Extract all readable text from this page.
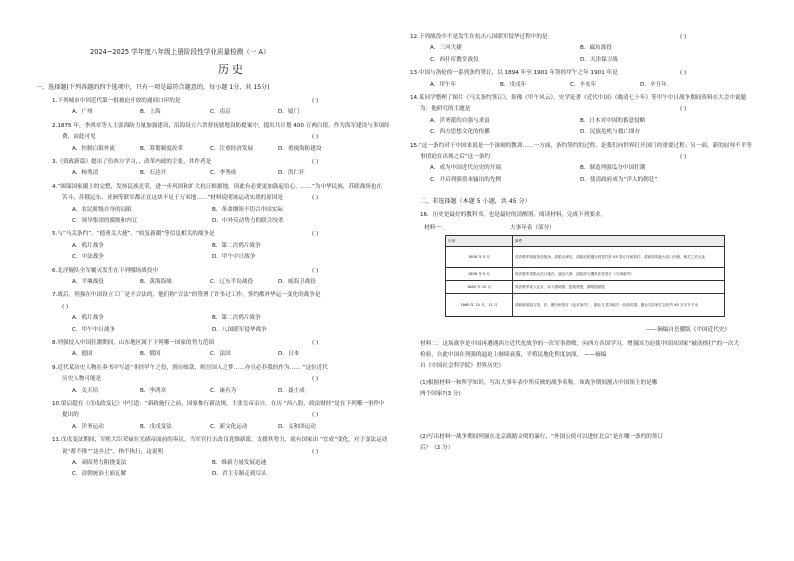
2024~2025 学年度八年级上册阶段性学业质量检测（一 A）
历史
一、选择题(下列各题的四个选项中，只有一项是最符合题意的，每小题 1分，共 15分)
1.下列城市中因近代第一批被迫开放的通商口岸的是	( )
A．广州	B．上海	C．南京	D．厦门
2.1875 年，李鸿章等人主张海防力量加强建设，沿海设立六省督抚辖地设防提案中，提出共计划 400 万两白银，作为海军建设与多项经
费，由此可见	( )
A．控制白银外流	B．筹划制度改革	C．注重经济发展	D．重视海防建设
3.《资政新篇》提出了仿西方学习，，改革内政的主张，其作者是	( )
A．杨秀清	B．石达开	C．李秀成	D．洪仁玕
4.“图保国家疆土的完整，发扬民族光荣，进一步巩固和扩大抗日根据地，因此有必要更加鼓起信心，……”为中华民族，苏联战场也在
苦斗，苏俄远东、亚洲等联军都正在这块不足于万米地……”材料说明该运动实质的原因是	( )
A．农民阶级自身的局限	B．革命纲领不切合中国实际
C．领导集团的腐败和内讧	D．中外反动势力的联合绞杀
5.与“马关条约”、“德勇关大捷”、“收复新疆”等信息相关的战争是	( )
A．鸦片战争	B．第二次鸦片战争
C．中法战争	D．甲午中日战争
6.北洋舰队全军覆灭发生在下列哪场战役中	( )
A．平壤战役	B．黄海海战	C．辽东半岛战役	D．威海卫战役
7.战后，列强在中国设立工厂是不合法的，他们称“合法”的签署了许多过工作，签约都外华运一变化的战争是
( )
A．鸦片战争	B．第二次鸦片战争
C．甲午中日战争	D．八国联军侵华战争
8.列强侵入中国狂潮期间，山东地区属于下列哪一国家的势力范围	( )
A．德国	B．俄国	C．法国	D．日本
9.近代某历史人物在奏书中写道“非经甲午之役，割台赔款，则吾国人之梦……亦且必非我的作为…… ”这位近代
历史人物可能是	( )
A．关天培	B．李鸿章	C．康有为	D．聂士成
10.梁启超在《戊戌政变记》中写道：“新政施行之前，国家推行新法规，主张皇帝亲自，在历 “西八股，政法财经”是在下列哪一事件中
提出的	( )
A．洋务运动	B．戊戌变法	C．新文化运动	D．义和团运动
11.戊戌变法期间，军机大臣荣禄在光绪帝面前的奏议，当军官打击改良党维新派，支援其势力，就有国家由 “宜成”变化，对于变法运动
说“蓄不推”“这乡过”，指不执行，这说明	( )
A．顽固势力阻挠变法	B．维新力量发展迅速
C．清朝统治土崩瓦解	D．君主专制走到尽头
12.下列战役中不是发生在抗击八国联军侵华过程中的是	( )
A．三河大捷	B．廊坊战役
C．西什库教堂战役	D．天津保卫战
13.中国与洛伦的一系列条约签订，以 1894 年至 1901 年签的甲午之年 1901 年是	( )
A．甲午年	B．戊戌年	C．辛亥年	D．辛丑年
14.某同学整理了图片《马关条约签订》，影像《甲午风云》，史学论著《近代中国》《晚清七十年》等甲午中日战争期间资料在大会中说题
为：他研究的主题是	( )
A．洋务派的自强与求富	B．日本对中国的蓄意侵略
C．西方思想文化的传播	D．民族危机与救亡图存
15.“这一条约对于中国来说是一个深刻的教训……一方面，条约签约的过程，是我们向世界打开国门的重要过程；另一面，新的屈辱不平等
事情迫在出现之后”这一条约	( )
A．成为中国近代历史的开端	B．制造列强瓜分中国狂潮
C．开启列强资本输出的先例	D．使清政府成为“洋人的朝廷”
二、非选择题（本题 5 小题，共 45 分）
16．历史是最好的教科书，也是最好的清醒剂。阅读材料，完成下列要求。
材料一：	大事年表（部分）
年份	事件
1856 年 5 月	英法联军再度发动战争，攻陷天津后，清政府派遣全权签约后 45 签订议和条约，清政府同意大沽口开港，相关之后大连
1858 年 5 月	英法联军攻陷大沽口炮台，逼近天津，清政府与俄英法美签订《天津条约》
1860 年 10 月	英法联军攻入北京，冲入圆明园，抢劫焚毁，圆明园被毁
1860 年 10 月、11 月	清政府被迫与英、法、俄分别签订《北京条约》，割让九龙司地方一区给英国，割让乌苏里江以东约 40 万平方千米
——摘编自岳麓版《中国近代史》
材料二：这场战争是中国再遭遇西方近代化战争的一次军事溃败，向西方各国学习，增强国力迫使中国因国家“被动挨打”的一次大
检验，自此中国在列强的逼迫上继续衰落，半殖民地化程度加深。 ——摘编
自《中国社会科学院》世界历史》
(1)根据材料一和所学知识，写出大事年表中所反映的战争名称。该战争期间割占中国领土的是哪
两个国家?(3 分)
(2)写出材料一战争期间列强在北京践踏文明的暴行，“外国公使可以进驻北京”是在哪一条约的签订
后？（2 分）
